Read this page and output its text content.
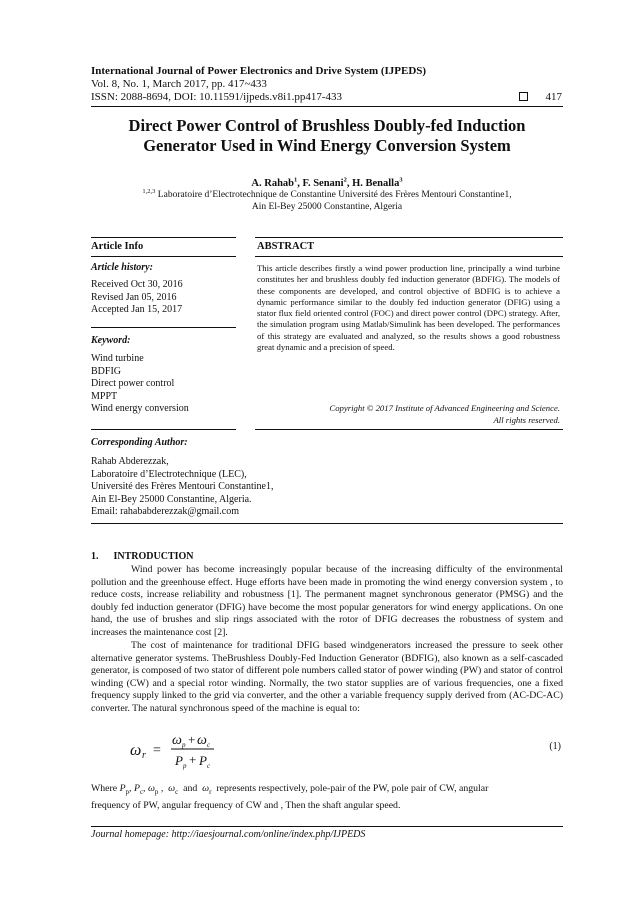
International Journal of Power Electronics and Drive System (IJPEDS)
Vol. 8, No. 1, March 2017, pp. 417~433
ISSN: 2088-8694, DOI: 10.11591/ijpeds.v8i1.pp417-433	417
Direct Power Control of Brushless Doubly-fed Induction Generator Used in Wind Energy Conversion System
A. Rahab$^1$, F. Senani$^2$, H. Benalla$^3$
$^{1,2,3}$ Laboratoire d’Electrotechnique de Constantine Université des Frères Mentouri Constantine1,
Ain El-Bey 25000 Constantine, Algeria
Article Info
Article history:
Received Oct 30, 2016
Revised Jan 05, 2016
Accepted Jan 15, 2017
Keyword:
Wind turbine
BDFIG
Direct power control
MPPT
Wind energy conversion
ABSTRACT
This article describes firstly a wind power production line, principally a wind turbine constitutes her and brushless doubly fed induction generator (BDFIG). The models of these components are developed, and control objective of BDFIG is to achieve a dynamic performance similar to the doubly fed induction generator (DFIG) using a stator flux field oriented control (FOC) and direct power control (DPC) strategy. After, the simulation program using Matlab/Simulink has been developed. The performances of this strategy are evaluated and analyzed, so the results shows a good robustness great dynamic and a precision of speed.
Copyright © 2017 Institute of Advanced Engineering and Science.
All rights reserved.
Corresponding Author:
Rahab Abderezzak,
Laboratoire d’Electrotechnique (LEC),
Université des Frères Mentouri Constantine1,
Ain El-Bey 25000 Constantine, Algeria.
Email: rahababderezzak@gmail.com
1.      INTRODUCTION
Wind power has become increasingly popular because of the increasing difficulty of the environmental pollution and the greenhouse effect. Huge efforts have been made in promoting the wind energy conversion system , to reduce costs, increase reliability and robustness [1]. The permanent magnet synchronous generator (PMSG) and the doubly fed induction generator (DFIG) have become the most popular generators for wind energy applications. On one hand, the use of brushes and slip rings associated with the rotor of DFIG decreases the robustness of system and increases the maintenance cost [2].
The cost of maintenance for traditional DFIG based windgenerators increased the pressure to seek other alternative generator systems. TheBrushless Doubly-Fed Induction Generator (BDFIG), also known as a self-cascaded generator, is composed of two stator of different pole numbers called stator of power winding (PW) and stator of control winding (CW) and a special rotor winding. Normally, the two stator supplies are of various frequencies, one a fixed frequency supply linked to the grid via converter, and the other a variable frequency supply derived from (AC-DC-AC) converter. The natural synchronous speed of the machine is equal to:
ω r =
ω p + ω c
P p + P c
(1)
Where $P_p$, $P_c$, $\omega_p$ ,  $\omega_c$ and $\omega_r$ represents respectively, pole-pair of the PW, pole pair of CW, angular
frequency of PW, angular frequency of CW and , Then the shaft angular speed.
Journal homepage: http://iaesjournal.com/online/index.php/IJPEDS
